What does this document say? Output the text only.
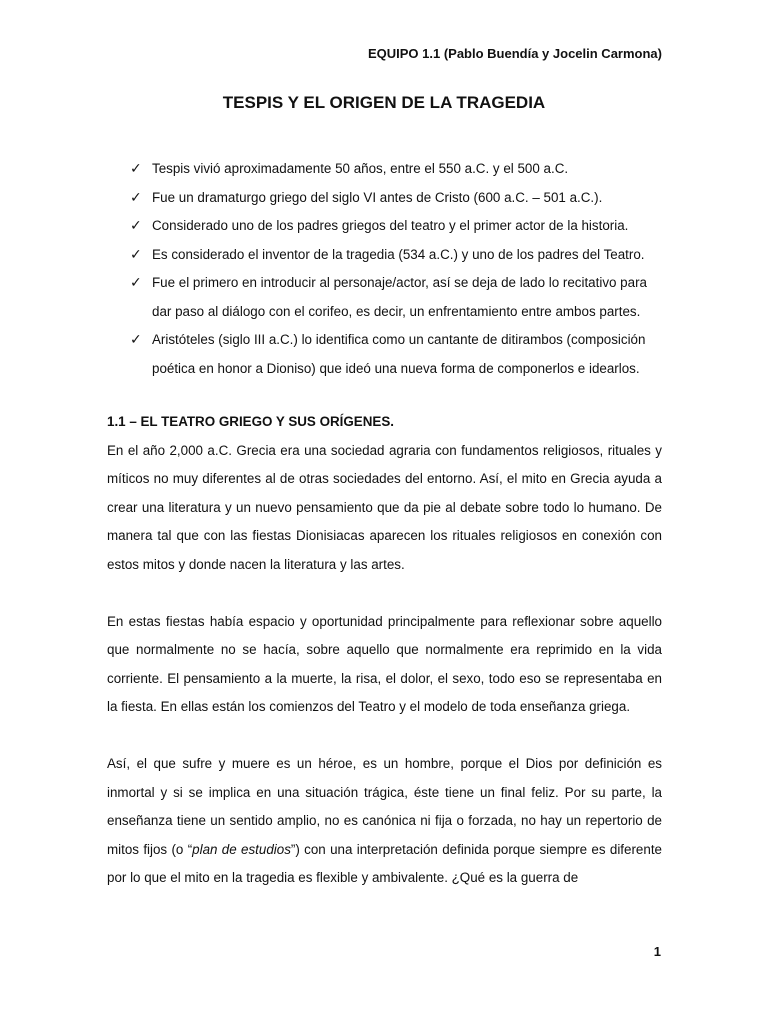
EQUIPO 1.1 (Pablo Buendía y Jocelin Carmona)
TESPIS Y EL ORIGEN DE LA TRAGEDIA
✓ Tespis vivió aproximadamente 50 años, entre el 550 a.C. y el 500 a.C.
✓ Fue un dramaturgo griego del siglo VI antes de Cristo (600 a.C. – 501 a.C.).
✓ Considerado uno de los padres griegos del teatro y el primer actor de la historia.
✓ Es considerado el inventor de la tragedia (534 a.C.) y uno de los padres del Teatro.
✓ Fue el primero en introducir al personaje/actor, así se deja de lado lo recitativo para dar paso al diálogo con el corifeo, es decir, un enfrentamiento entre ambos partes.
✓ Aristóteles (siglo III a.C.) lo identifica como un cantante de ditirambos (composición poética en honor a Dioniso) que ideó una nueva forma de componerlos e idearlos.
1.1 – EL TEATRO GRIEGO Y SUS ORÍGENES.

En el año 2,000 a.C. Grecia era una sociedad agraria con fundamentos religiosos, rituales y míticos no muy diferentes al de otras sociedades del entorno. Así, el mito en Grecia ayuda a crear una literatura y un nuevo pensamiento que da pie al debate sobre todo lo humano. De manera tal que con las fiestas Dionisiacas aparecen los rituales religiosos en conexión con estos mitos y donde nacen la literatura y las artes.

En estas fiestas había espacio y oportunidad principalmente para reflexionar sobre aquello que normalmente no se hacía, sobre aquello que normalmente era reprimido en la vida corriente. El pensamiento a la muerte, la risa, el dolor, el sexo, todo eso se representaba en la fiesta. En ellas están los comienzos del Teatro y el modelo de toda enseñanza griega.

Así, el que sufre y muere es un héroe, es un hombre, porque el Dios por definición es inmortal y si se implica en una situación trágica, éste tiene un final feliz. Por su parte, la enseñanza tiene un sentido amplio, no es canónica ni fija o forzada, no hay un repertorio de mitos fijos (o “plan de estudios”) con una interpretación definida porque siempre es diferente por lo que el mito en la tragedia es flexible y ambivalente. ¿Qué es la guerra de

1
